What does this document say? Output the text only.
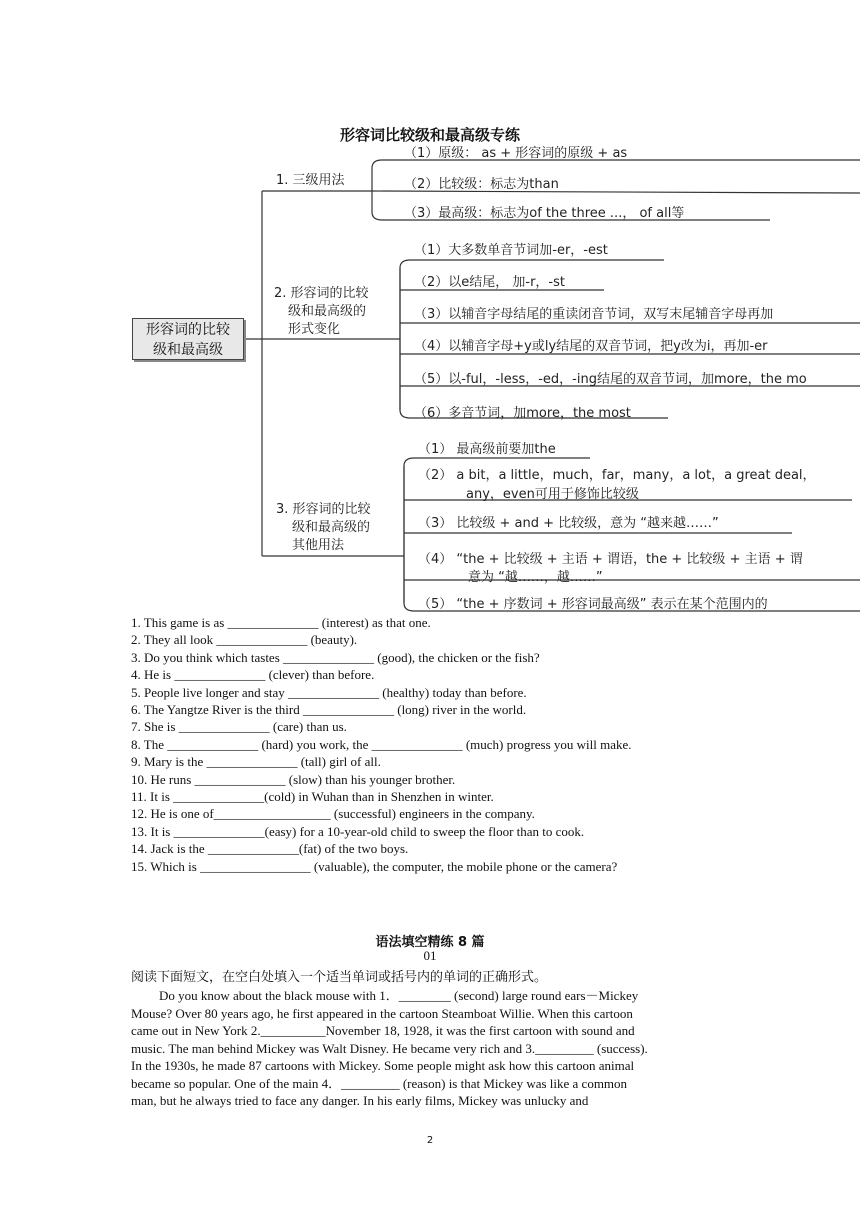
形容词比较级和最高级专练
形容词的比较
级和最高级
1. 三级用法
（1）原级： as + 形容词的原级 + as
（2）比较级：标志为than
（3）最高级：标志为of the three ...， of all等
2. 形容词的比较
级和最高级的
形式变化
（1）大多数单音节词加-er，-est
（2）以e结尾， 加-r，-st
（3）以辅音字母结尾的重读闭音节词，双写末尾辅音字母再加
（4）以辅音字母+y或ly结尾的双音节词，把y改为i，再加-er
（5）以-ful，-less，-ed，-ing结尾的双音节词，加more，the mo
（6）多音节词，加more，the most
3. 形容词的比较
级和最高级的
其他用法
（1） 最高级前要加the
（2） a bit，a little，much，far，many，a lot，a great deal，
any，even可用于修饰比较级
（3） 比较级 + and + 比较级，意为 “越来越……”
（4） “the + 比较级 + 主语 + 谓语，the + 比较级 + 主语 + 谓
意为 “越……，越……”
（5） “the + 序数词 + 形容词最高级” 表示在某个范围内的
1. This game is as ______________ (interest) as that one.
2. They all look ______________ (beauty).
3. Do you think which tastes ______________ (good), the chicken or the fish?
4. He is ______________ (clever) than before.
5. People live longer and stay ______________ (healthy) today than before.
6. The Yangtze River is the third ______________ (long) river in the world.
7. She is ______________ (care) than us.
8. The ______________ (hard) you work, the ______________ (much) progress you will make.
9. Mary is the ______________ (tall) girl of all.
10. He runs ______________ (slow) than his younger brother.
11. It is ______________(cold) in Wuhan than in Shenzhen in winter.
12. He is one of__________________ (successful) engineers in the company.
13. It is ______________(easy) for a 10-year-old child to sweep the floor than to cook.
14. Jack is the ______________(fat) of the two boys.
15. Which is _________________ (valuable), the computer, the mobile phone or the camera?
语法填空精练 8 篇
01
阅读下面短文，在空白处填入一个适当单词或括号内的单词的正确形式。
Do you know about the black mouse with 1．________ (second) large round ears－Mickey
Mouse? Over 80 years ago, he first appeared in the cartoon Steamboat Willie. When this cartoon
came out in New York 2.__________November 18, 1928, it was the first cartoon with sound and
music. The man behind Mickey was Walt Disney. He became very rich and 3._________ (success).
In the 1930s, he made 87 cartoons with Mickey. Some people might ask how this cartoon animal
became so popular. One of the main 4．_________ (reason) is that Mickey was like a common
man, but he always tried to face any danger. In his early films, Mickey was unlucky and
2
